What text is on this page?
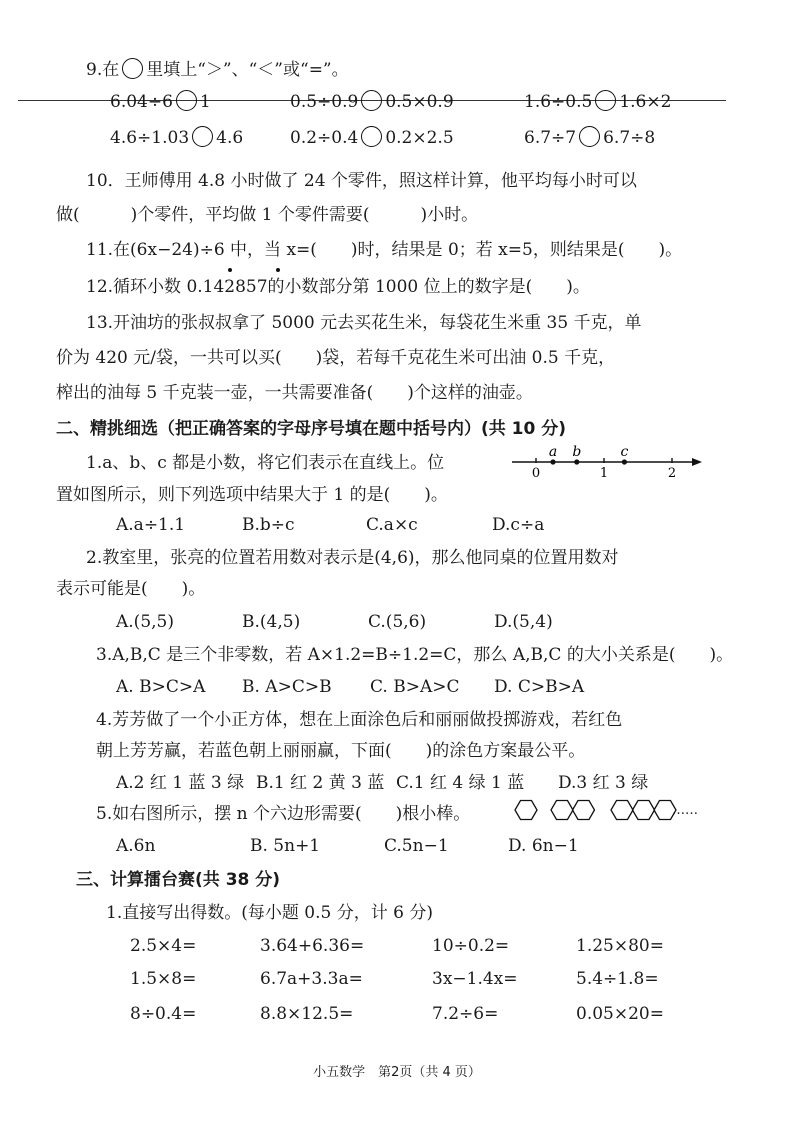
9.在 里填上“＞”、“＜”或“=”。
6.04÷6 1	0.5÷0.9 0.5×0.9	1.6÷0.5 1.6×2
4.6÷1.03 4.6	0.2÷0.4 0.2×2.5	6.7÷7 6.7÷8
10．王师傅用 4.8 小时做了 24 个零件，照这样计算，他平均每小时可以
做(　　　)个零件，平均做 1 个零件需要(　　　)小时。
11.在(6x−24)÷6 中，当 x=(　　)时，结果是 0；若 x=5，则结果是(　　)。
12.循环小数 0.142857的小数部分第 1000 位上的数字是(　　)。
13.开油坊的张叔叔拿了 5000 元去买花生米，每袋花生米重 35 千克，单
价为 420 元/袋，一共可以买(　　)袋，若每千克花生米可出油 0.5 千克，
榨出的油每 5 千克装一壶，一共需要准备(　　)个这样的油壶。
二、精挑细选（把正确答案的字母序号填在题中括号内）(共 10 分)
1.a、b、c 都是小数，将它们表示在直线上。位
置如图所示，则下列选项中结果大于 1 的是(　　)。
0	1	2
a b	c
A.a÷1.1	B.b÷c	C.a×c	D.c÷a
2.教室里，张亮的位置若用数对表示是(4,6)，那么他同桌的位置用数对
表示可能是(　　)。
A.(5,5)	B.(4,5)	C.(5,6)	D.(5,4)
3.A,B,C 是三个非零数，若 A×1.2=B÷1.2=C，那么 A,B,C 的大小关系是(　　)。
A. B>C>A B. A>C>B C. B>A>C D. C>B>A
4.芳芳做了一个小正方体，想在上面涂色后和丽丽做投掷游戏，若红色
朝上芳芳赢，若蓝色朝上丽丽赢，下面(　　)的涂色方案最公平。
A.2 红 1 蓝 3 绿 B.1 红 2 黄 3 蓝 C.1 红 4 绿 1 蓝 D.3 红 3 绿
5.如右图所示，摆 n 个六边形需要(　　)根小棒。	……
A.6n	B. 5n+1	C.5n−1	D. 6n−1
三、计算擂台赛(共 38 分)
1.直接写出得数。(每小题 0.5 分，计 6 分)
2.5×4=	3.64+6.36=	10÷0.2=	1.25×80=
1.5×8=	6.7a+3.3a=	3x−1.4x=	5.4÷1.8=
8÷0.4=	8.8×12.5=	7.2÷6=	0.05×20=
小五数学　第2页（共 4 页）
